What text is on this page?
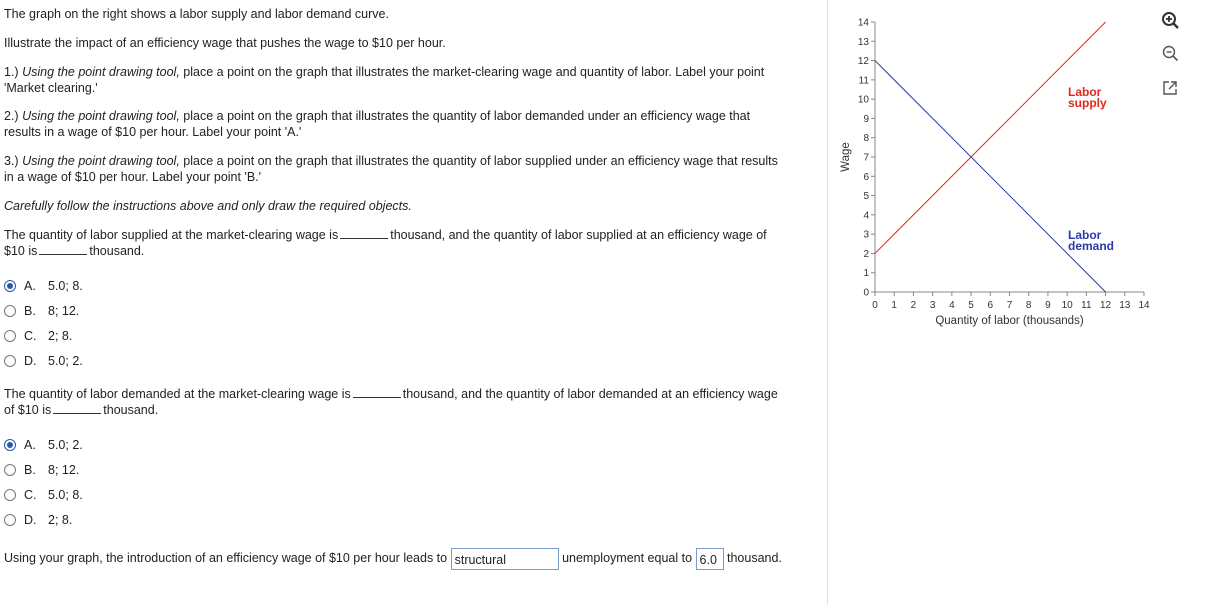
The graph on the right shows a labor supply and labor demand curve.
Illustrate the impact of an efficiency wage that pushes the wage to $10 per hour.
1.) Using the point drawing tool, place a point on the graph that illustrates the market-clearing wage and quantity of labor. Label your point
'Market clearing.'
2.) Using the point drawing tool, place a point on the graph that illustrates the quantity of labor demanded under an efficiency wage that
results in a wage of $10 per hour. Label your point 'A.'
3.) Using the point drawing tool, place a point on the graph that illustrates the quantity of labor supplied under an efficiency wage that results
in a wage of $10 per hour. Label your point 'B.'
Carefully follow the instructions above and only draw the required objects.
The quantity of labor supplied at the market-clearing wage is	thousand, and the quantity of labor supplied at an efficiency wage of
$10 is	thousand.
A. 5.0; 8.
B. 8; 12.
C. 2; 8.
D. 5.0; 2.
The quantity of labor demanded at the market-clearing wage is	thousand, and the quantity of labor demanded at an efficiency wage
of $10 is	thousand.
A. 5.0; 2.
B. 8; 12.
C. 5.0; 8.
D. 2; 8.
Using your graph, the introduction of an efficiency wage of $10 per hour leads to structural	unemployment equal to 6.0 thousand.
0 1 2 3 4 5 6 7 8 9 10 11 12 13 14
0
1
2
3
4
5
6
7
8
9
10
11
12
13
14
Quantity of labor (thousands)
Wage
Labor
supply
Labor
demand
